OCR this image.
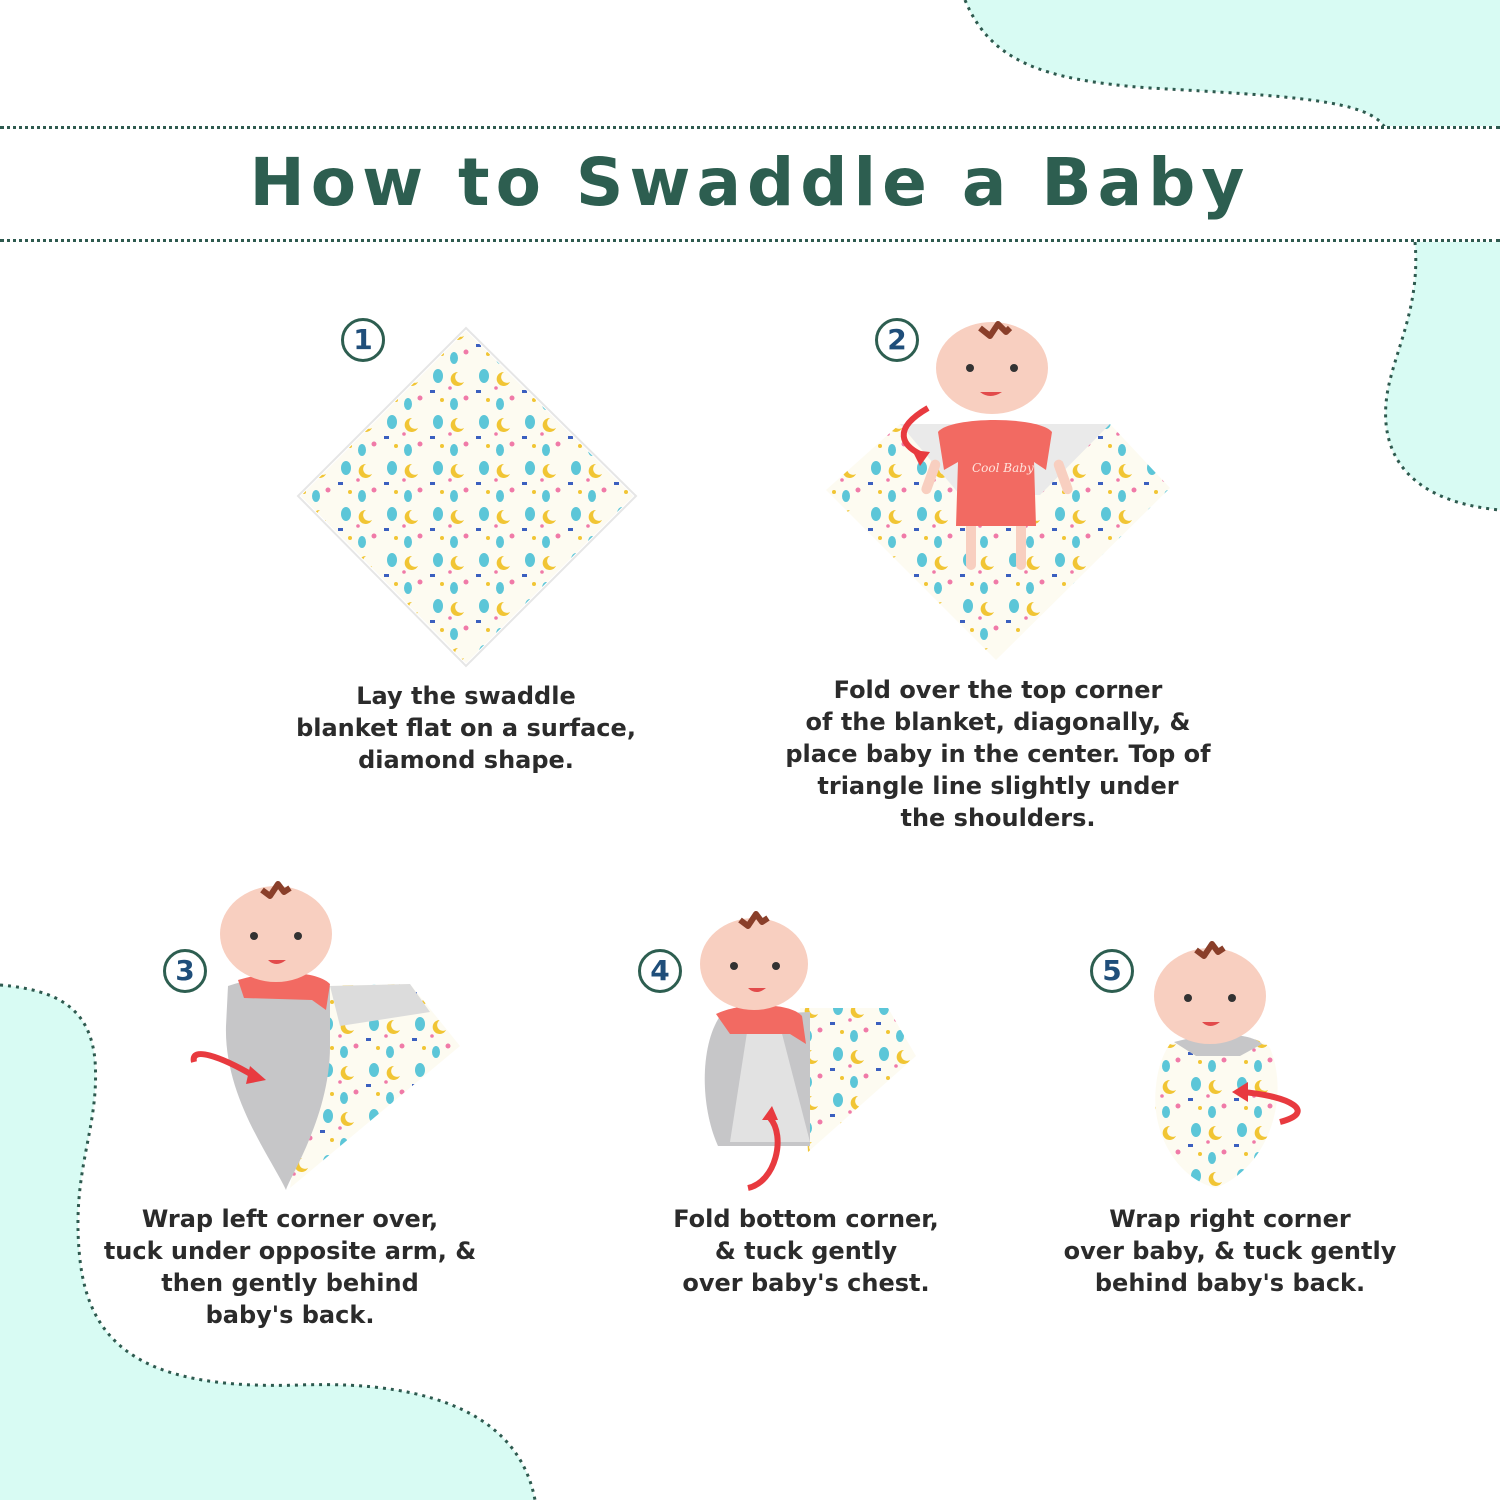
How to Swaddle a Baby
1
Lay the swaddle
blanket flat on a surface,
diamond shape.
2
Cool Baby
Fold over the top corner
of the blanket, diagonally, &
place baby in the center. Top of
triangle line slightly under
the shoulders.
3
Wrap left corner over,
tuck under opposite arm, &
then gently behind
baby's back.
4
Fold bottom corner,
& tuck gently
over baby's chest.
5
Wrap right corner
over baby, & tuck gently
behind baby's back.
